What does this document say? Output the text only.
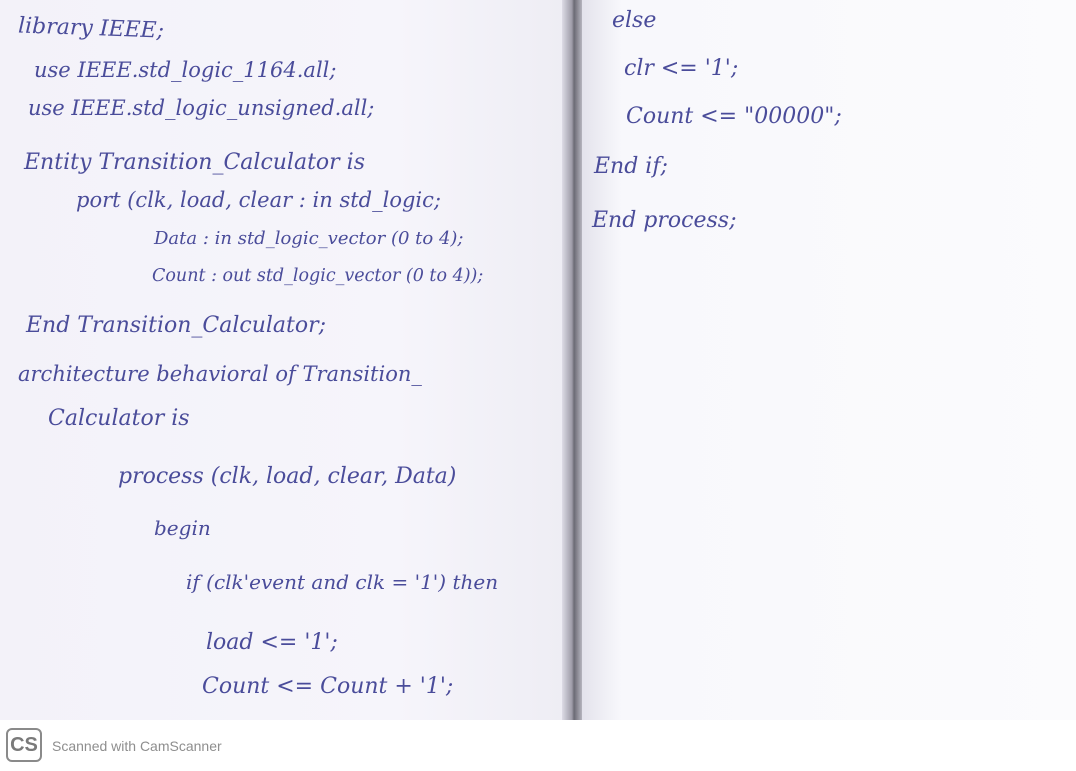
library IEEE;

use IEEE.std_logic_1164.all;

use IEEE.std_logic_unsigned.all;

Entity Transition_Calculator is

port (clk, load, clear : in std_logic;

Data : in std_logic_vector (0 to 4);

Count : out std_logic_vector (0 to 4));

End Transition_Calculator;

architecture behavioral of Transition_

Calculator is

process (clk, load, clear, Data)

begin

if (clk'event and clk = '1') then

load <= '1';

Count <= Count + '1';

else

clr <= '1';

Count <= "00000";

End if;

End process;

CS Scanned with CamScanner
